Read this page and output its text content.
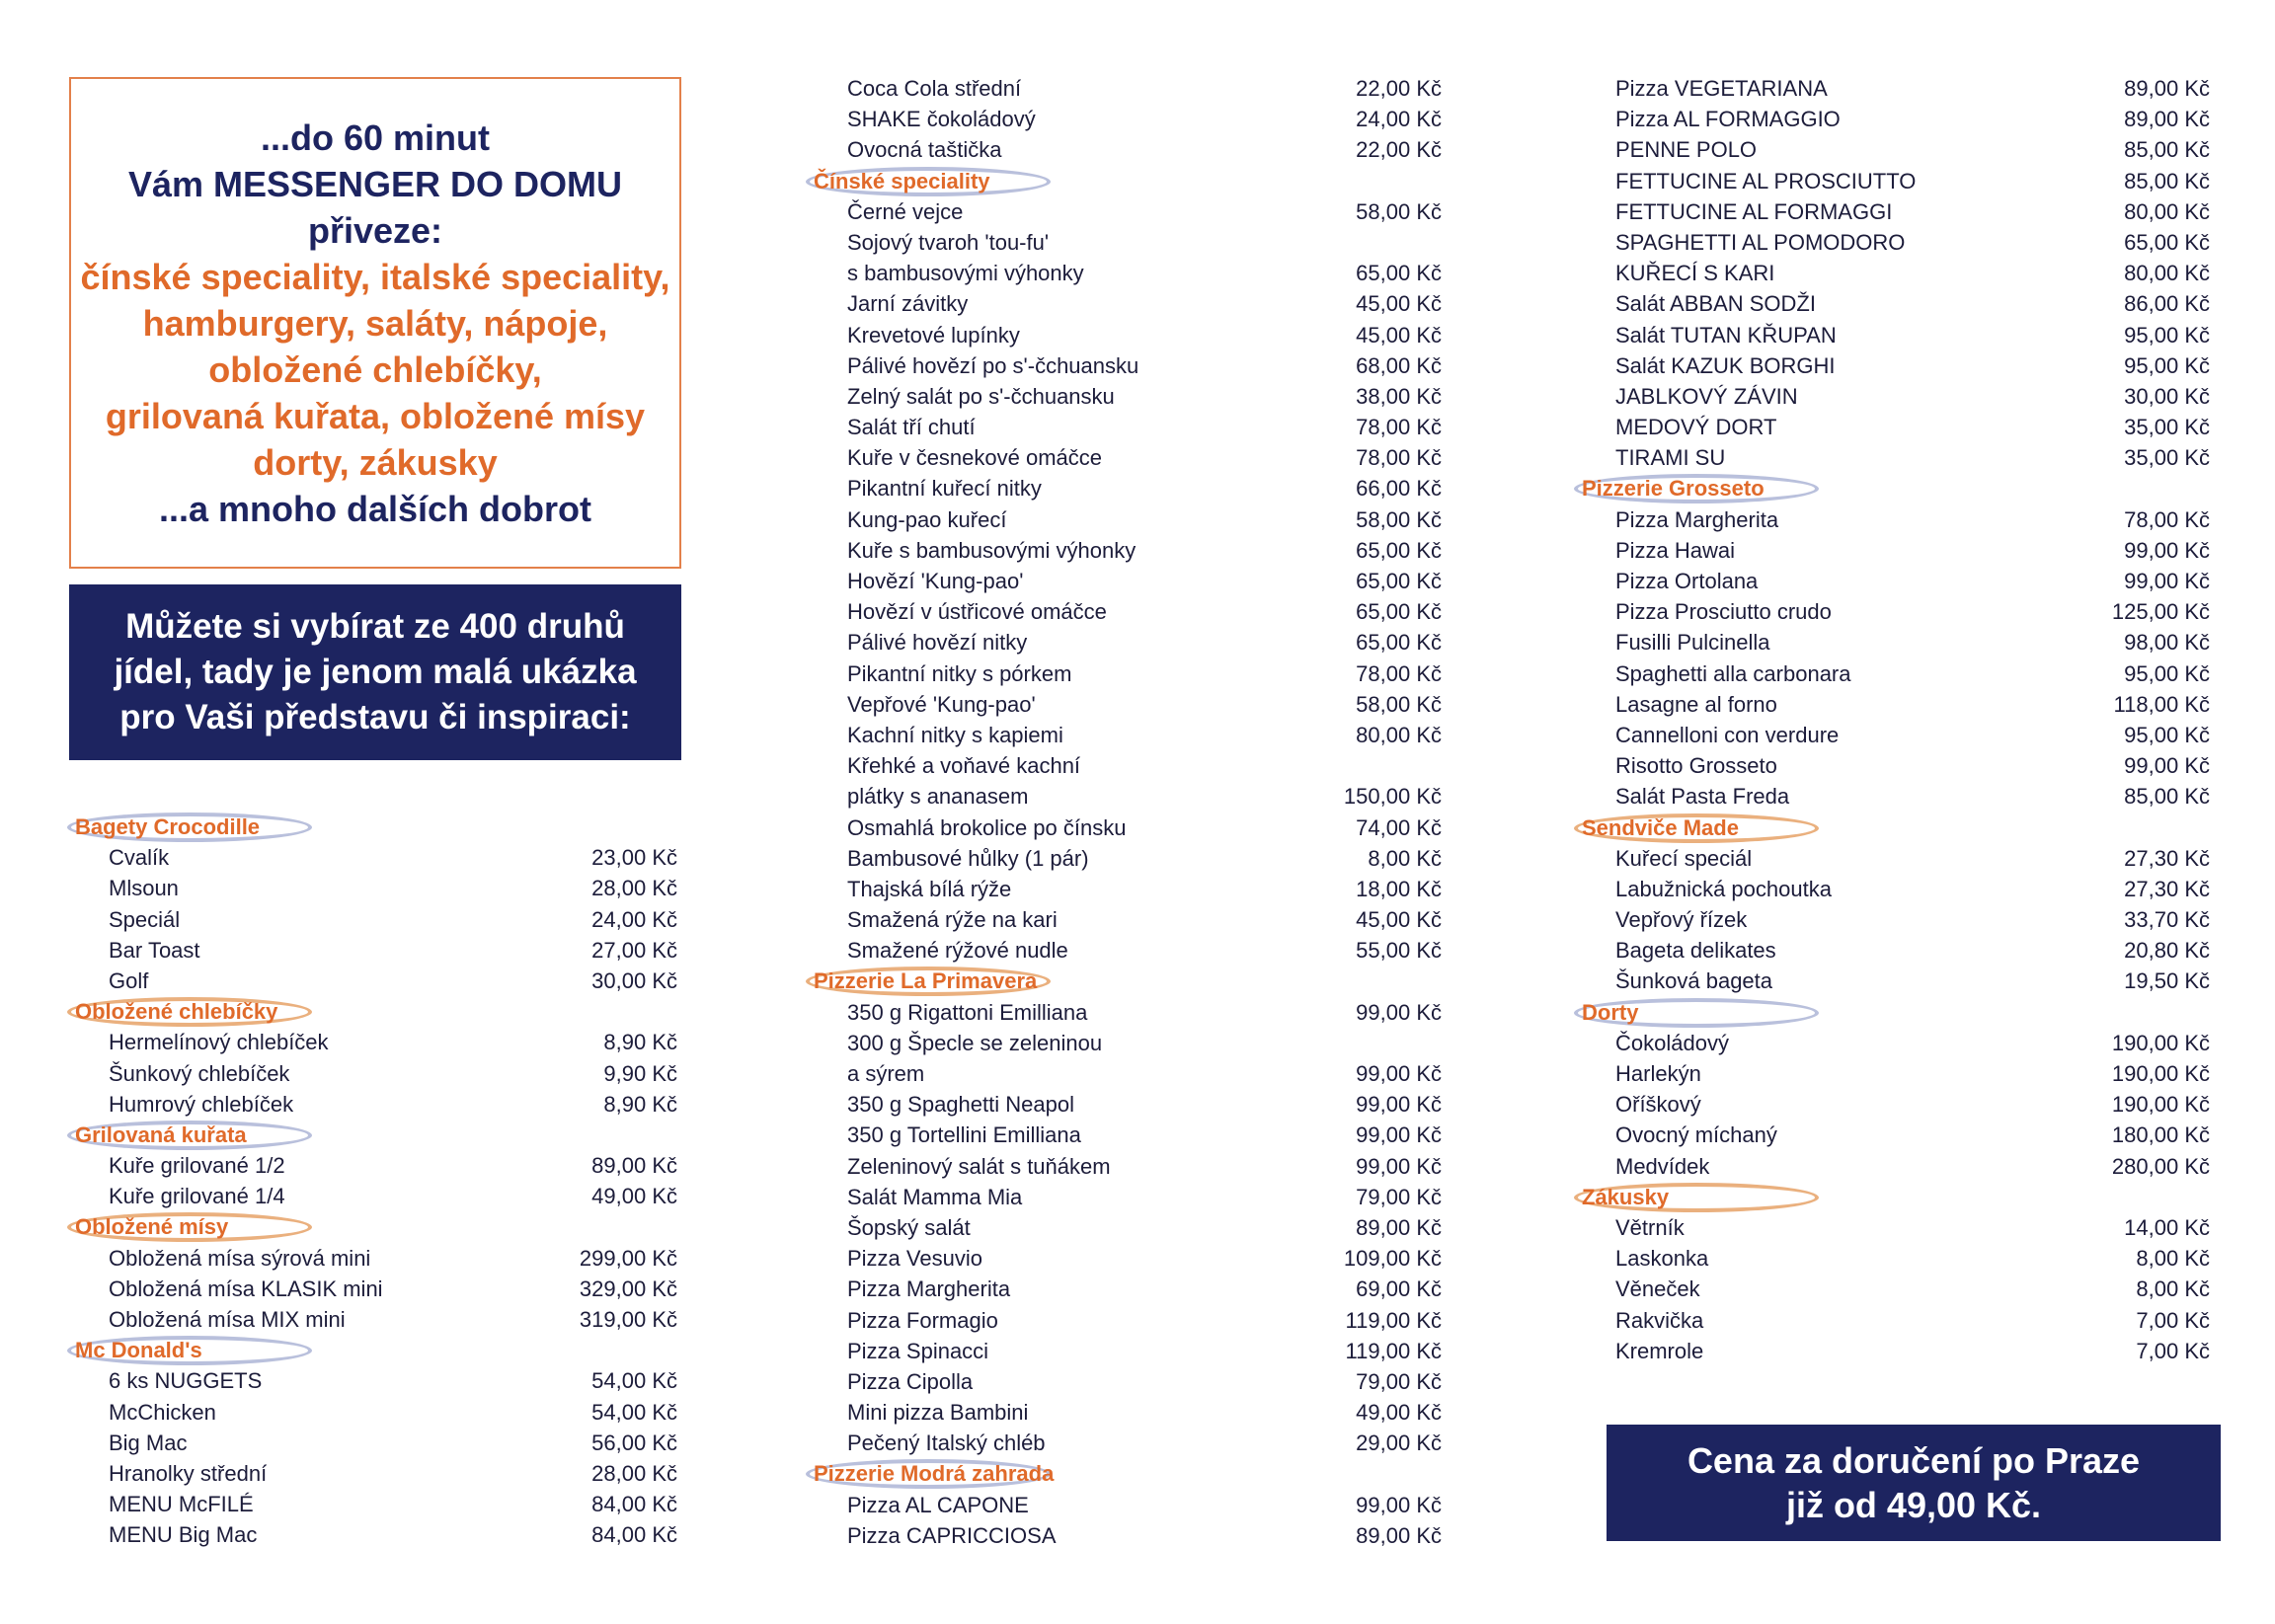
...do 60 minut
Vám MESSENGER DO DOMU
přiveze:
čínské speciality, italské speciality,
hamburgery, saláty, nápoje,
obložené chlebíčky,
grilovaná kuřata, obložené mísy
dorty, zákusky
...a mnoho dalších dobrot
Můžete si vybírat ze 400 druhů
jídel, tady je jenom malá ukázka
pro Vaši představu či inspiraci:
Cena za doručení po Praze
již od 49,00 Kč.
Bagety Crocodille
Cvalík	23,00 Kč
Mlsoun	28,00 Kč
Speciál	24,00 Kč
Bar Toast	27,00 Kč
Golf	30,00 Kč
Obložené chlebíčky
Hermelínový chlebíček	8,90 Kč
Šunkový chlebíček	9,90 Kč
Humrový chlebíček	8,90 Kč
Grilovaná kuřata
Kuře grilované 1/2	89,00 Kč
Kuře grilované 1/4	49,00 Kč
Obložené mísy
Obložená mísa sýrová mini	299,00 Kč
Obložená mísa KLASIK mini	329,00 Kč
Obložená mísa MIX mini	319,00 Kč
Mc Donald's
6 ks NUGGETS	54,00 Kč
McChicken	54,00 Kč
Big Mac	56,00 Kč
Hranolky střední	28,00 Kč
MENU McFILÉ	84,00 Kč
MENU Big Mac	84,00 Kč
Coca Cola střední	22,00 Kč
SHAKE čokoládový	24,00 Kč
Ovocná taštička	22,00 Kč
Čínské speciality
Černé vejce	58,00 Kč
Sojový tvaroh 'tou-fu'
s bambusovými výhonky	65,00 Kč
Jarní závitky	45,00 Kč
Krevetové lupínky	45,00 Kč
Pálivé hovězí po s'-čchuansku	68,00 Kč
Zelný salát po s'-čchuansku	38,00 Kč
Salát tří chutí	78,00 Kč
Kuře v česnekové omáčce	78,00 Kč
Pikantní kuřecí nitky	66,00 Kč
Kung-pao kuřecí	58,00 Kč
Kuře s bambusovými výhonky	65,00 Kč
Hovězí 'Kung-pao'	65,00 Kč
Hovězí v ústřicové omáčce	65,00 Kč
Pálivé hovězí nitky	65,00 Kč
Pikantní nitky s pórkem	78,00 Kč
Vepřové 'Kung-pao'	58,00 Kč
Kachní nitky s kapiemi	80,00 Kč
Křehké a voňavé kachní
plátky s ananasem	150,00 Kč
Osmahlá brokolice po čínsku	74,00 Kč
Bambusové hůlky (1 pár)	8,00 Kč
Thajská bílá rýže	18,00 Kč
Smažená rýže na kari	45,00 Kč
Smažené rýžové nudle	55,00 Kč
Pizzerie La Primavera
350 g Rigattoni Emilliana	99,00 Kč
300 g Špecle se zeleninou
a sýrem	99,00 Kč
350 g Spaghetti Neapol	99,00 Kč
350 g Tortellini Emilliana	99,00 Kč
Zeleninový salát s tuňákem	99,00 Kč
Salát Mamma Mia	79,00 Kč
Šopský salát	89,00 Kč
Pizza Vesuvio	109,00 Kč
Pizza Margherita	69,00 Kč
Pizza Formagio	119,00 Kč
Pizza Spinacci	119,00 Kč
Pizza Cipolla	79,00 Kč
Mini pizza Bambini	49,00 Kč
Pečený Italský chléb	29,00 Kč
Pizzerie Modrá zahrada
Pizza AL CAPONE	99,00 Kč
Pizza CAPRICCIOSA	89,00 Kč
Pizza VEGETARIANA	89,00 Kč
Pizza AL FORMAGGIO	89,00 Kč
PENNE POLO	85,00 Kč
FETTUCINE AL PROSCIUTTO	85,00 Kč
FETTUCINE AL FORMAGGI	80,00 Kč
SPAGHETTI AL POMODORO	65,00 Kč
KUŘECÍ S KARI	80,00 Kč
Salát ABBAN SODŽI	86,00 Kč
Salát TUTAN KŘUPAN	95,00 Kč
Salát KAZUK BORGHI	95,00 Kč
JABLKOVÝ ZÁVIN	30,00 Kč
MEDOVÝ DORT	35,00 Kč
TIRAMI SU	35,00 Kč
Pizzerie Grosseto
Pizza Margherita	78,00 Kč
Pizza Hawai	99,00 Kč
Pizza Ortolana	99,00 Kč
Pizza Prosciutto crudo	125,00 Kč
Fusilli Pulcinella	98,00 Kč
Spaghetti alla carbonara	95,00 Kč
Lasagne al forno	118,00 Kč
Cannelloni con verdure	95,00 Kč
Risotto Grosseto	99,00 Kč
Salát Pasta Freda	85,00 Kč
Sendviče Made
Kuřecí speciál	27,30 Kč
Labužnická pochoutka	27,30 Kč
Vepřový řízek	33,70 Kč
Bageta delikates	20,80 Kč
Šunková bageta	19,50 Kč
Dorty
Čokoládový	190,00 Kč
Harlekýn	190,00 Kč
Oříškový	190,00 Kč
Ovocný míchaný	180,00 Kč
Medvídek	280,00 Kč
Zákusky
Větrník	14,00 Kč
Laskonka	8,00 Kč
Věneček	8,00 Kč
Rakvička	7,00 Kč
Kremrole	7,00 Kč
